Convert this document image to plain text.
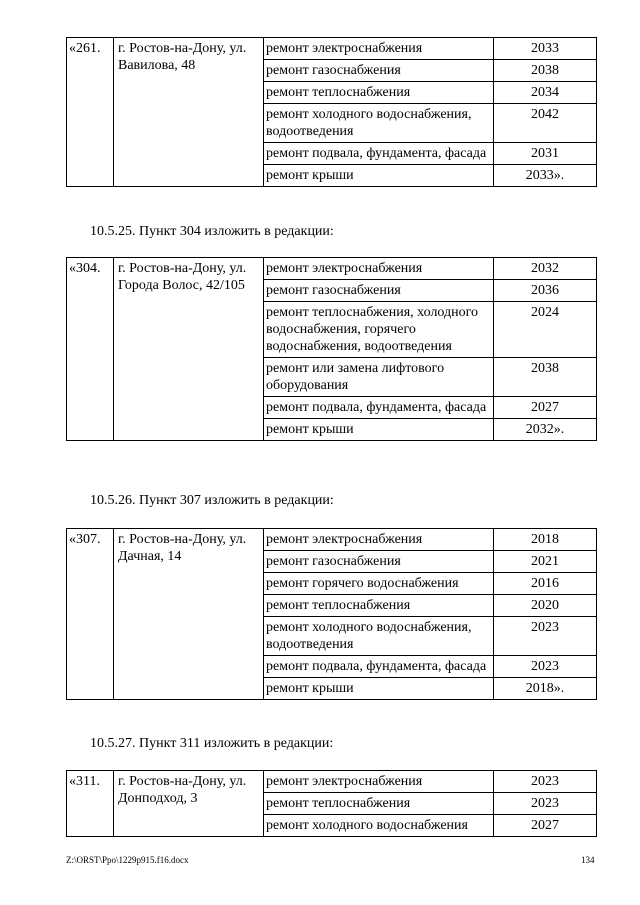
«261.	г. Ростов-на-Дону, ул. Вавилова, 48	ремонт электроснабжения	2033
		ремонт газоснабжения	2038
		ремонт теплоснабжения	2034
		ремонт холодного водоснабжения, водоотведения	2042
		ремонт подвала, фундамента, фасада	2031
		ремонт крыши	2033».
10.5.25. Пункт 304 изложить в редакции:
«304.	г. Ростов-на-Дону, ул. Города Волос, 42/105	ремонт электроснабжения	2032
		ремонт газоснабжения	2036
		ремонт теплоснабжения, холодного водоснабжения, горячего водоснабжения, водоотведения	2024
		ремонт или замена лифтового оборудования	2038
		ремонт подвала, фундамента, фасада	2027
		ремонт крыши	2032».
10.5.26. Пункт 307 изложить в редакции:
«307.	г. Ростов-на-Дону, ул. Дачная, 14	ремонт электроснабжения	2018
		ремонт газоснабжения	2021
		ремонт горячего водоснабжения	2016
		ремонт теплоснабжения	2020
		ремонт холодного водоснабжения, водоотведения	2023
		ремонт подвала, фундамента, фасада	2023
		ремонт крыши	2018».
10.5.27. Пункт 311 изложить в редакции:
«311.	г. Ростов-на-Дону, ул. Донподход, 3	ремонт электроснабжения	2023
		ремонт теплоснабжения	2023
		ремонт холодного водоснабжения	2027
Z:\ORST\Ppo\1229p915.f16.docx	134
